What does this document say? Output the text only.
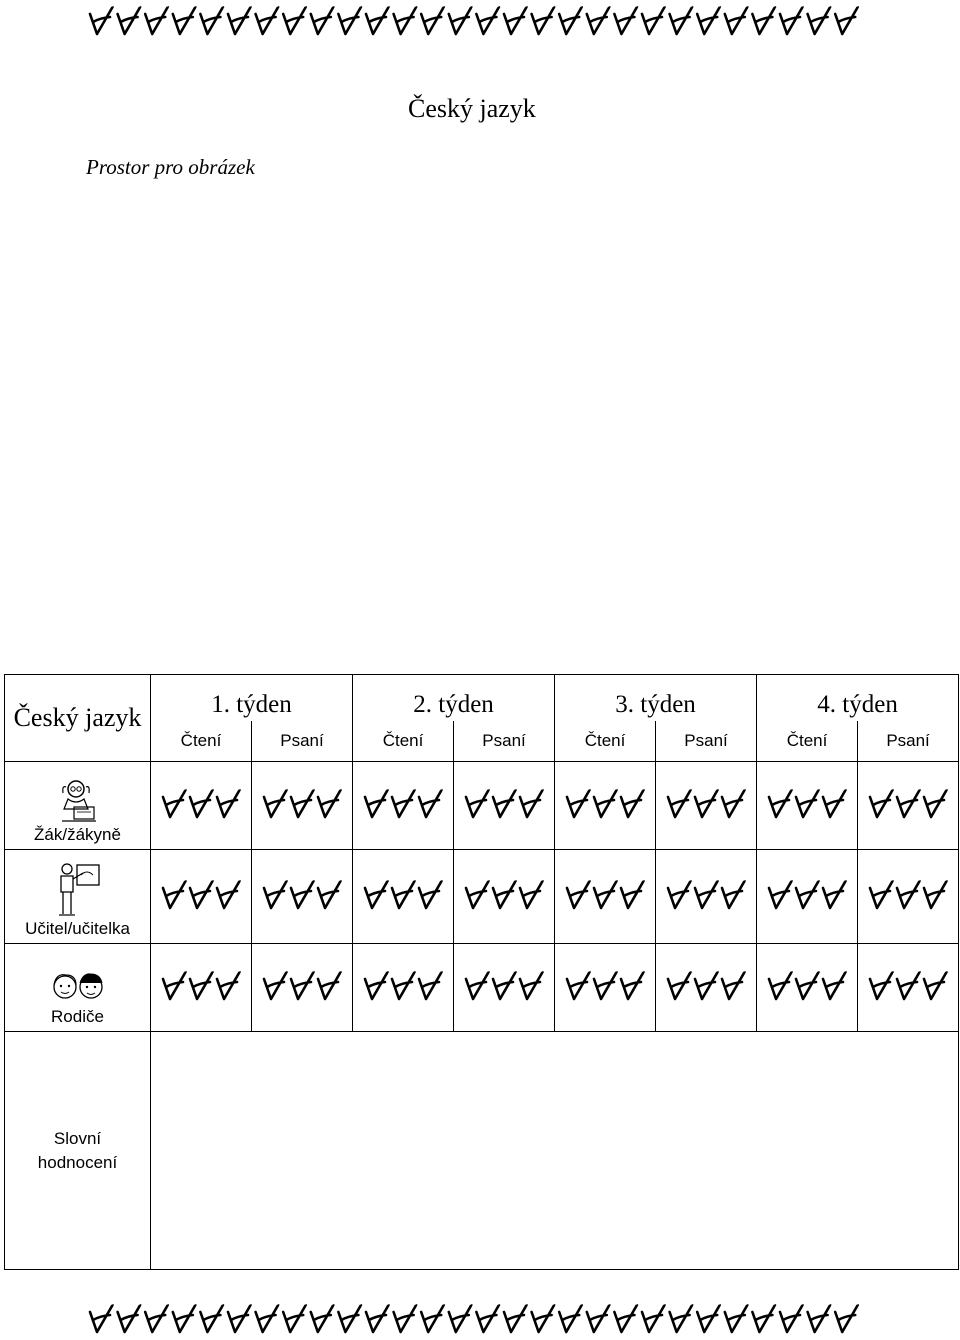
Český jazyk
Prostor pro obrázek
Český jazyk	1. týden		2. týden		3. týden		4. týden	
	Čtení	Psaní	Čtení	Psaní	Čtení	Psaní	Čtení	Psaní

Žák/žákyně								

Učitel/učitelka								

Rodiče								
Slovní hodnocení								
